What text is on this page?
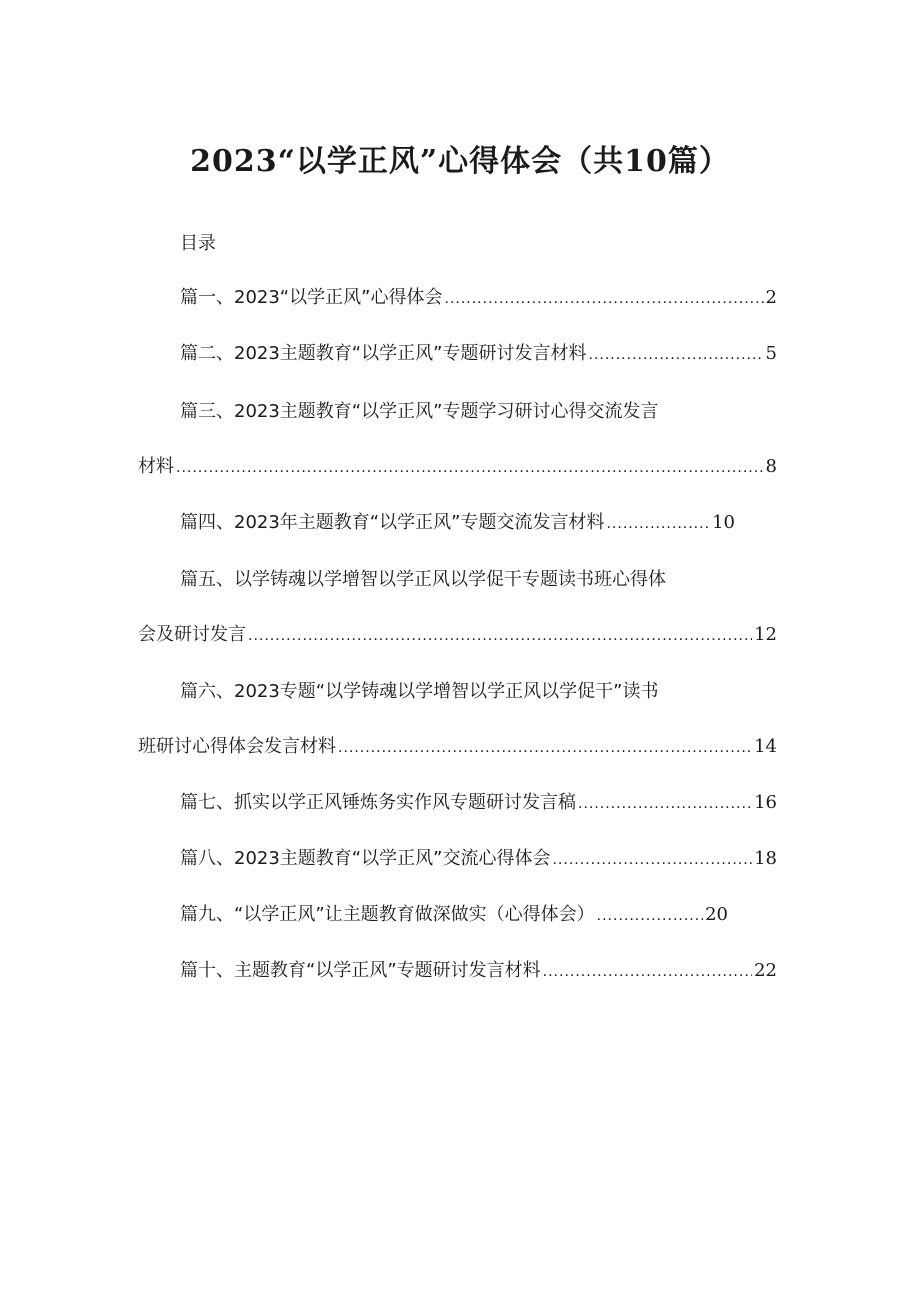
2023“以学正风”心得体会（共10篇）
目录
篇一、2023“以学正风”心得体会 .....	2
篇二、2023主题教育“以学正风”专题研讨发言材料 .....	5
篇三、2023主题教育“以学正风”专题学习研讨心得交流发言
材料 .....	8
篇四、2023年主题教育“以学正风”专题交流发言材料 .....	10
篇五、以学铸魂以学增智以学正风以学促干专题读书班心得体
会及研讨发言 .....	12
篇六、2023专题“以学铸魂以学增智以学正风以学促干”读书
班研讨心得体会发言材料 .....	14
篇七、抓实以学正风锤炼务实作风专题研讨发言稿 .....	16
篇八、2023主题教育“以学正风”交流心得体会 .....	18
篇九、“以学正风”让主题教育做深做实（心得体会） .....	20
篇十、主题教育“以学正风”专题研讨发言材料 .....	22
